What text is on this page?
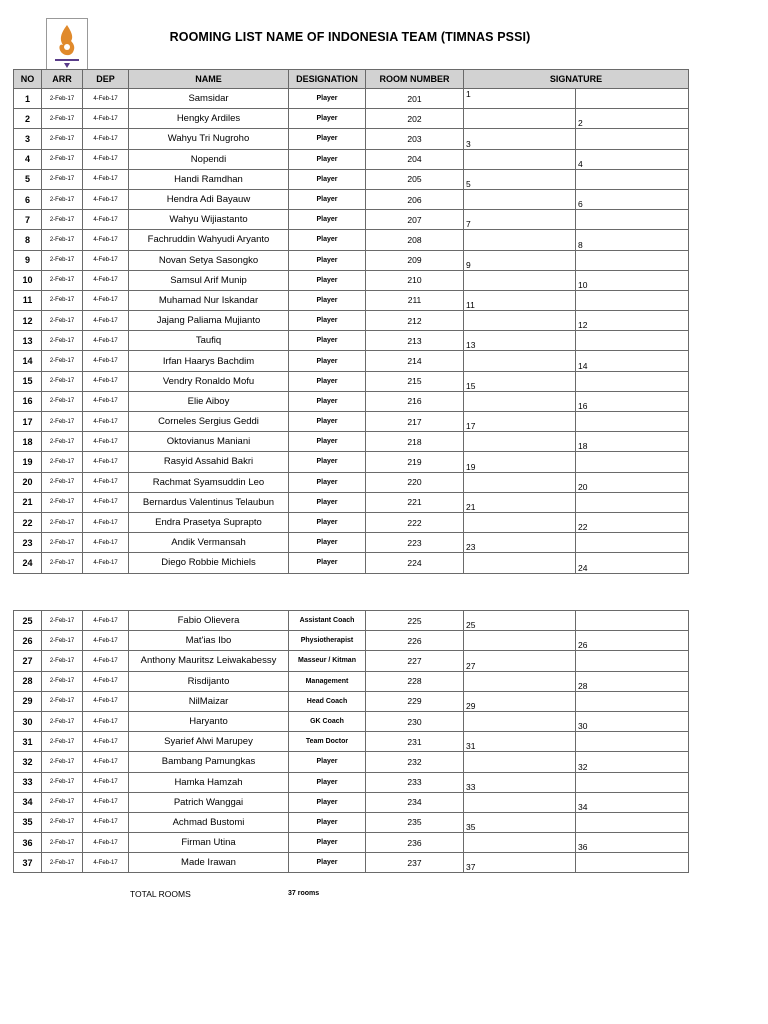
ROOMING LIST NAME OF INDONESIA TEAM (TIMNAS PSSI)
NO	ARR	DEP	NAME	DESIGNATION	ROOM NUMBER	SIGNATURE	
1	2-Feb-17	4-Feb-17	Samsidar	Player	201	1	
2	2-Feb-17	4-Feb-17	Hengky Ardiles	Player	202		2
3	2-Feb-17	4-Feb-17	Wahyu Tri Nugroho	Player	203	3	
4	2-Feb-17	4-Feb-17	Nopendi	Player	204		4
5	2-Feb-17	4-Feb-17	Handi Ramdhan	Player	205	5	
6	2-Feb-17	4-Feb-17	Hendra Adi Bayauw	Player	206		6
7	2-Feb-17	4-Feb-17	Wahyu Wijiastanto	Player	207	7	
8	2-Feb-17	4-Feb-17	Fachruddin Wahyudi Aryanto	Player	208		8
9	2-Feb-17	4-Feb-17	Novan Setya Sasongko	Player	209	9	
10	2-Feb-17	4-Feb-17	Samsul Arif Munip	Player	210		10
11	2-Feb-17	4-Feb-17	Muhamad Nur Iskandar	Player	211	11	
12	2-Feb-17	4-Feb-17	Jajang Paliama Mujianto	Player	212		12
13	2-Feb-17	4-Feb-17	Taufiq	Player	213	13	
14	2-Feb-17	4-Feb-17	Irfan Haarys Bachdim	Player	214		14
15	2-Feb-17	4-Feb-17	Vendry Ronaldo Mofu	Player	215	15	
16	2-Feb-17	4-Feb-17	Elie Aiboy	Player	216		16
17	2-Feb-17	4-Feb-17	Corneles Sergius Geddi	Player	217	17	
18	2-Feb-17	4-Feb-17	Oktovianus Maniani	Player	218		18
19	2-Feb-17	4-Feb-17	Rasyid Assahid Bakri	Player	219	19	
20	2-Feb-17	4-Feb-17	Rachmat Syamsuddin Leo	Player	220		20
21	2-Feb-17	4-Feb-17	Bernardus Valentinus Telaubun	Player	221	21	
22	2-Feb-17	4-Feb-17	Endra Prasetya Suprapto	Player	222		22
23	2-Feb-17	4-Feb-17	Andik Vermansah	Player	223	23	
24	2-Feb-17	4-Feb-17	Diego Robbie Michiels	Player	224		24
25	2-Feb-17	4-Feb-17	Fabio Olievera	Assistant Coach	225	25	
26	2-Feb-17	4-Feb-17	Mat'ias Ibo	Physiotherapist	226		26
27	2-Feb-17	4-Feb-17	Anthony Mauritsz Leiwakabessy	Masseur / Kitman	227	27	
28	2-Feb-17	4-Feb-17	Risdijanto	Management	228		28
29	2-Feb-17	4-Feb-17	NilMaizar	Head Coach	229	29	
30	2-Feb-17	4-Feb-17	Haryanto	GK Coach	230		30
31	2-Feb-17	4-Feb-17	Syarief Alwi Marupey	Team Doctor	231	31	
32	2-Feb-17	4-Feb-17	Bambang Pamungkas	Player	232		32
33	2-Feb-17	4-Feb-17	Hamka Hamzah	Player	233	33	
34	2-Feb-17	4-Feb-17	Patrich Wanggai	Player	234		34
35	2-Feb-17	4-Feb-17	Achmad Bustomi	Player	235	35	
36	2-Feb-17	4-Feb-17	Firman Utina	Player	236		36
37	2-Feb-17	4-Feb-17	Made Irawan	Player	237	37	
TOTAL ROOMS	37 rooms
